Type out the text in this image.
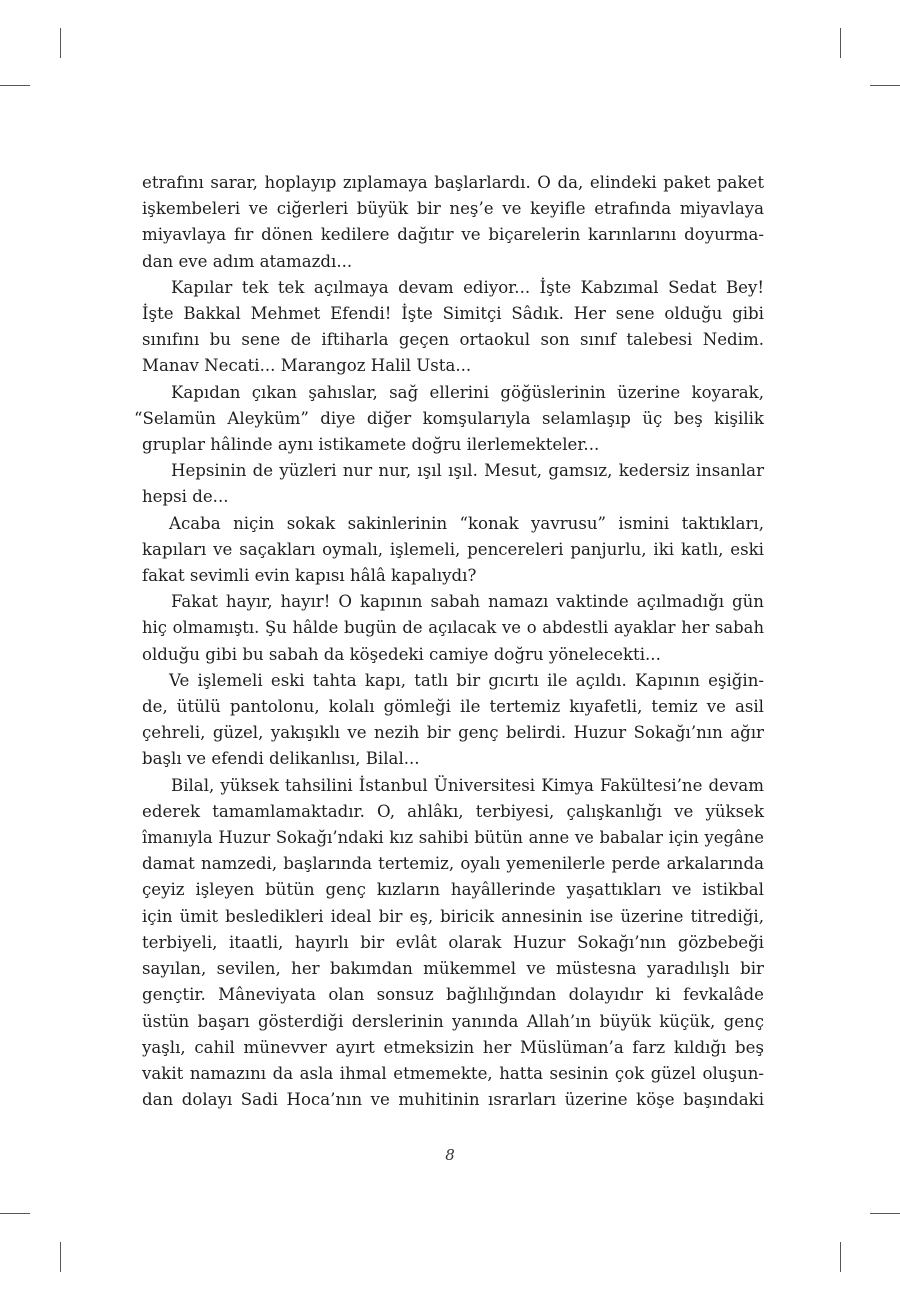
etrafını sarar, hoplayıp zıplamaya başlarlardı. O da, elindeki paket paket
işkembeleri ve ciğerleri büyük bir neş’e ve keyifle etrafında miyavlaya
miyavlaya fır dönen kedilere dağıtır ve biçarelerin karınlarını doyurma-
dan eve adım atamazdı...
Kapılar tek tek açılmaya devam ediyor... İşte Kabzımal Sedat Bey!
İşte Bakkal Mehmet Efendi! İşte Simitçi Sâdık. Her sene olduğu gibi
sınıfını bu sene de iftiharla geçen ortaokul son sınıf talebesi Nedim.
Manav Necati... Marangoz Halil Usta...
Kapıdan çıkan şahıslar, sağ ellerini göğüslerinin üzerine koyarak,
“Selamün Aleyküm” diye diğer komşularıyla selamlaşıp üç beş kişilik
gruplar hâlinde aynı istikamete doğru ilerlemekteler...
Hepsinin de yüzleri nur nur, ışıl ışıl. Mesut, gamsız, kedersiz insanlar
hepsi de...
Acaba niçin sokak sakinlerinin “konak yavrusu” ismini taktıkları,
kapıları ve saçakları oymalı, işlemeli, pencereleri panjurlu, iki katlı, eski
fakat sevimli evin kapısı hâlâ kapalıydı?
Fakat hayır, hayır! O kapının sabah namazı vaktinde açılmadığı gün
hiç olmamıştı. Şu hâlde bugün de açılacak ve o abdestli ayaklar her sabah
olduğu gibi bu sabah da köşedeki camiye doğru yönelecekti...
Ve işlemeli eski tahta kapı, tatlı bir gıcırtı ile açıldı. Kapının eşiğin-
de, ütülü pantolonu, kolalı gömleği ile tertemiz kıyafetli, temiz ve asil
çehreli, güzel, yakışıklı ve nezih bir genç belirdi. Huzur Sokağı’nın ağır
başlı ve efendi delikanlısı, Bilal...
Bilal, yüksek tahsilini İstanbul Üniversitesi Kimya Fakültesi’ne devam
ederek tamamlamaktadır. O, ahlâkı, terbiyesi, çalışkanlığı ve yüksek
îmanıyla Huzur Sokağı’ndaki kız sahibi bütün anne ve babalar için yegâne
damat namzedi, başlarında tertemiz, oyalı yemenilerle perde arkalarında
çeyiz işleyen bütün genç kızların hayâllerinde yaşattıkları ve istikbal
için ümit besledikleri ideal bir eş, biricik annesinin ise üzerine titrediği,
terbiyeli, itaatli, hayırlı bir evlât olarak Huzur Sokağı’nın gözbebeği
sayılan, sevilen, her bakımdan mükemmel ve müstesna yaradılışlı bir
gençtir. Mâneviyata olan sonsuz bağlılığından dolayıdır ki fevkalâde
üstün başarı gösterdiği derslerinin yanında Allah’ın büyük küçük, genç
yaşlı, cahil münevver ayırt etmeksizin her Müslüman’a farz kıldığı beş
vakit namazını da asla ihmal etmemekte, hatta sesinin çok güzel oluşun-
dan dolayı Sadi Hoca’nın ve muhitinin ısrarları üzerine köşe başındaki
8
